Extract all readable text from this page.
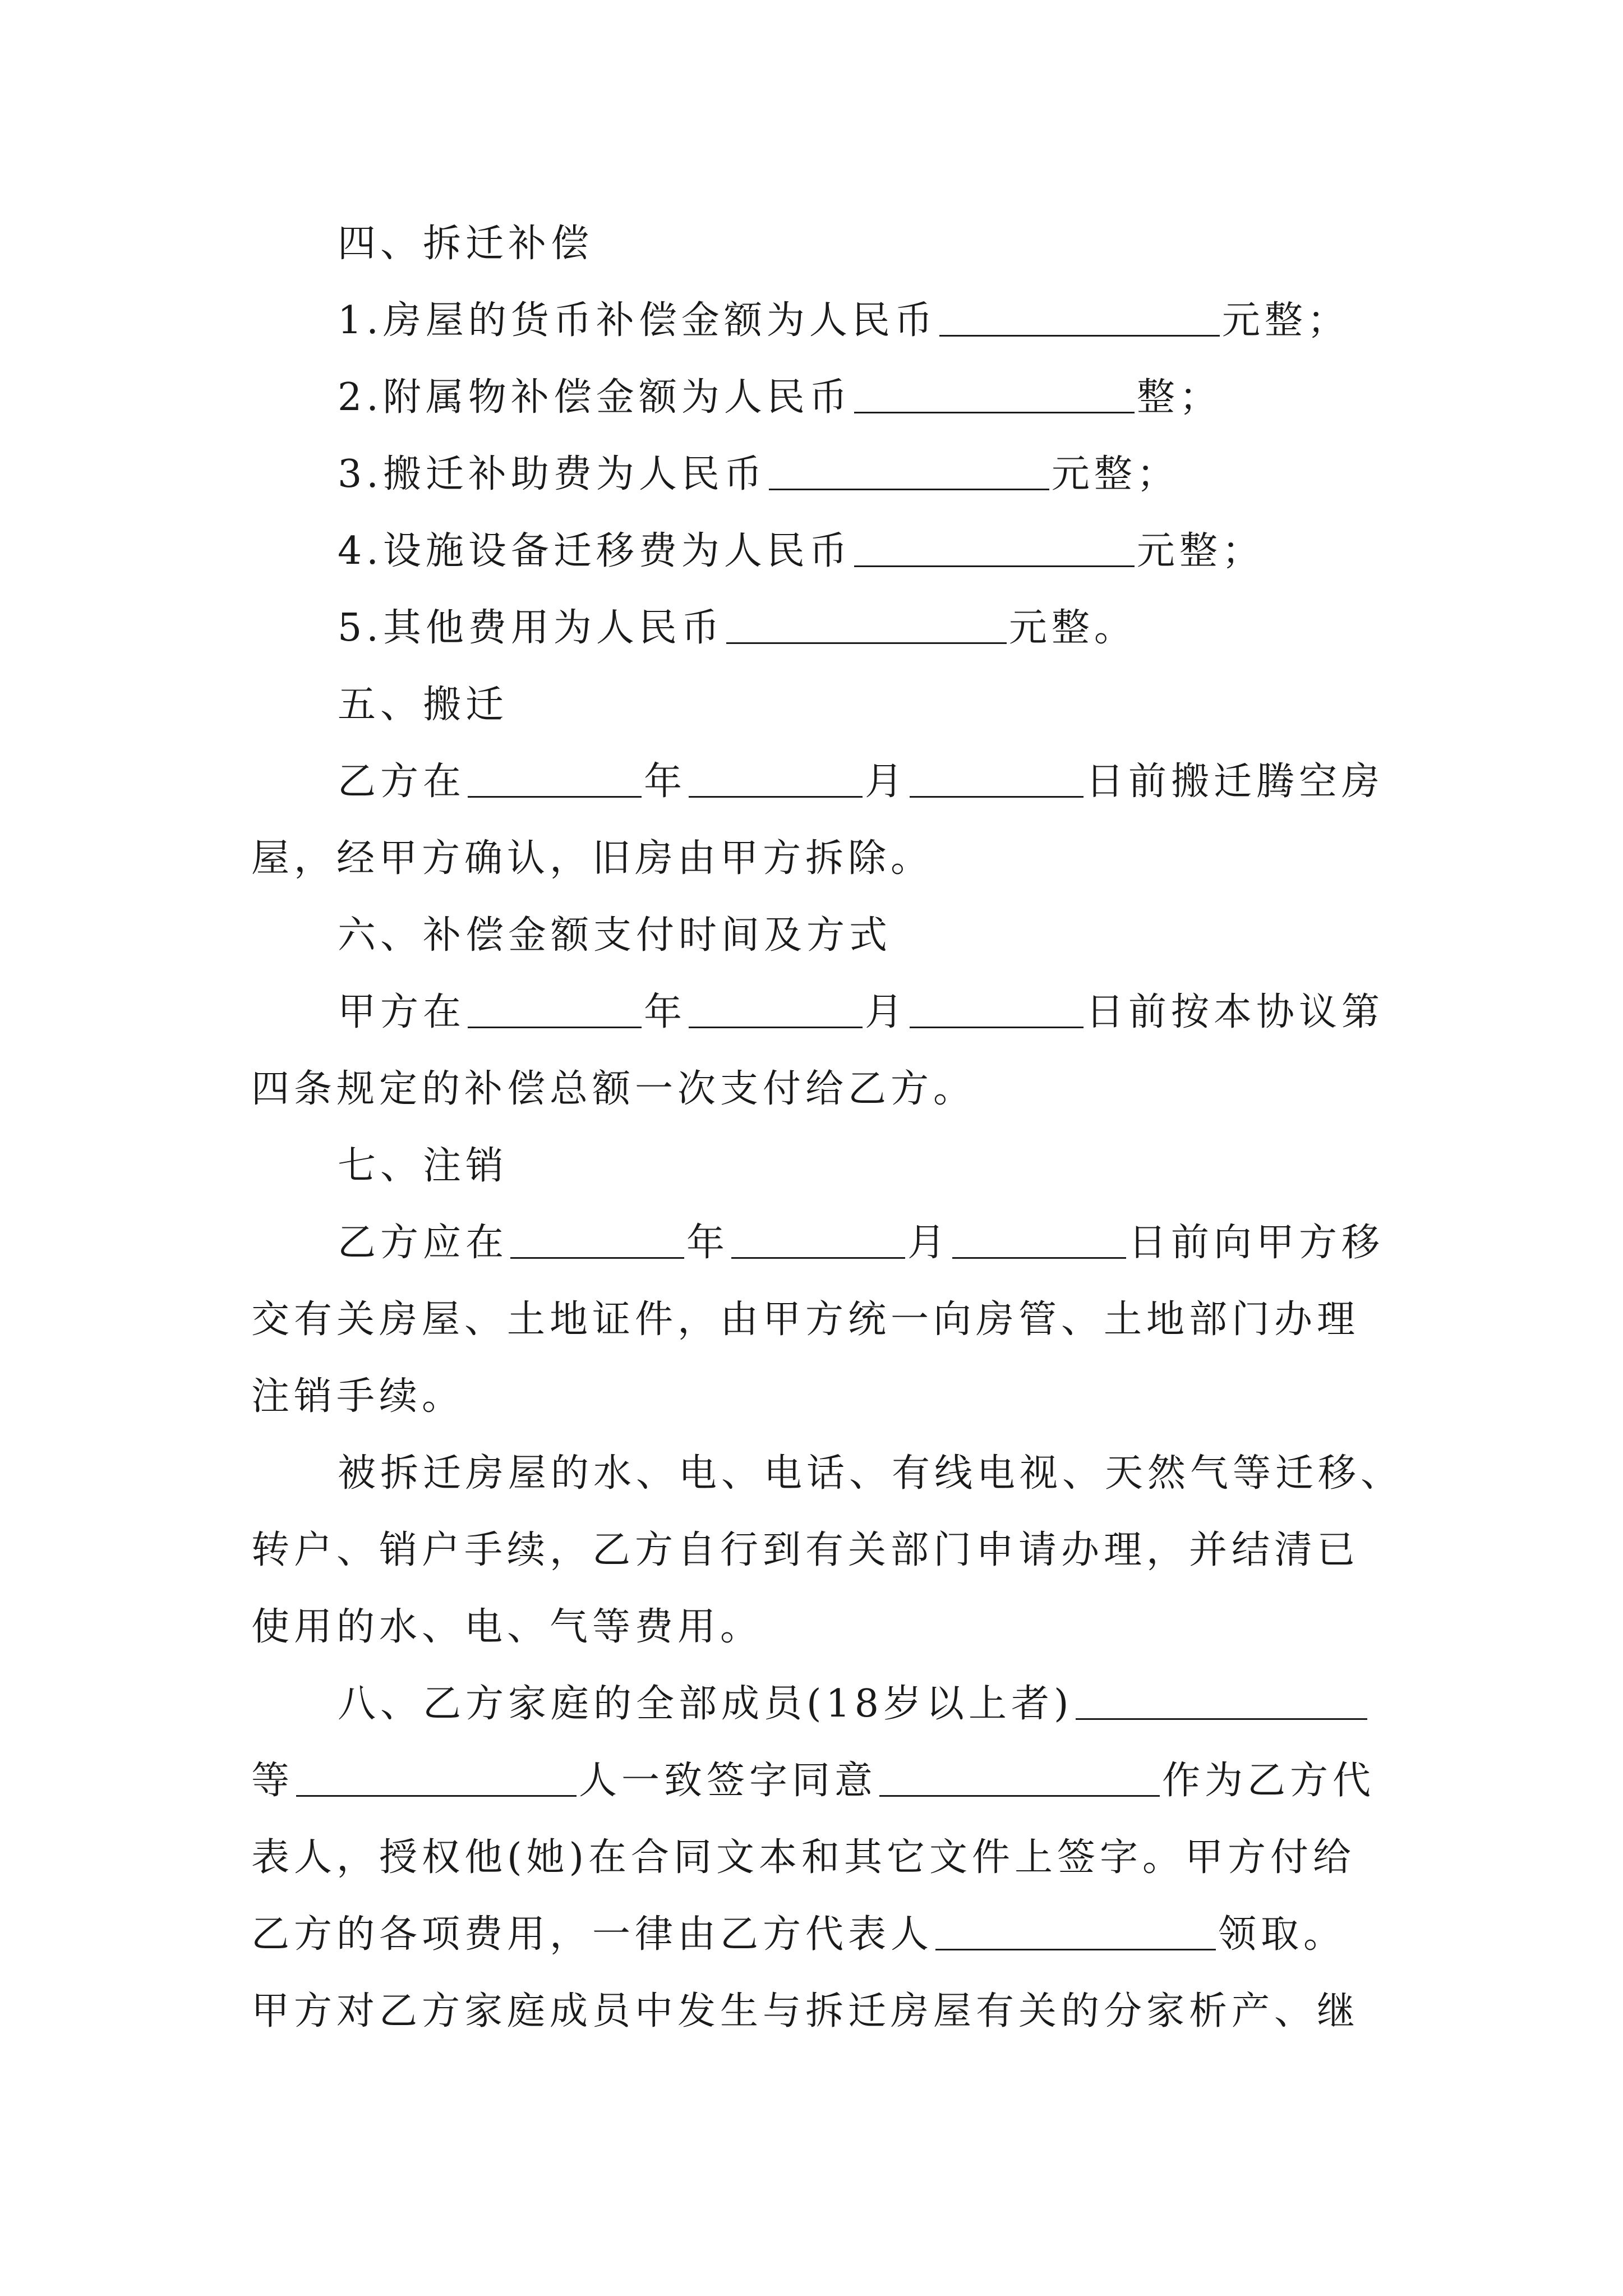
四、拆迁补偿
1.房屋的货币补偿金额为人民币	元整；
2.附属物补偿金额为人民币	整；
3.搬迁补助费为人民币	元整；
4.设施设备迁移费为人民币	元整；
5.其他费用为人民币	元整。
五、搬迁
乙方在	年	月	日前搬迁腾空房
屋，经甲方确认，旧房由甲方拆除。
六、补偿金额支付时间及方式
甲方在	年	月	日前按本协议第
四条规定的补偿总额一次支付给乙方。
七、注销
乙方应在	年	月	日前向甲方移
交有关房屋、土地证件，由甲方统一向房管、土地部门办理
注销手续。
被拆迁房屋的水、电、电话、有线电视、天然气等迁移、
转户、销户手续，乙方自行到有关部门申请办理，并结清已
使用的水、电、气等费用。
八、乙方家庭的全部成员(18岁以上者)
等	人一致签字同意	作为乙方代
表人，授权他(她)在合同文本和其它文件上签字。甲方付给
乙方的各项费用，一律由乙方代表人	领取。
甲方对乙方家庭成员中发生与拆迁房屋有关的分家析产、继
